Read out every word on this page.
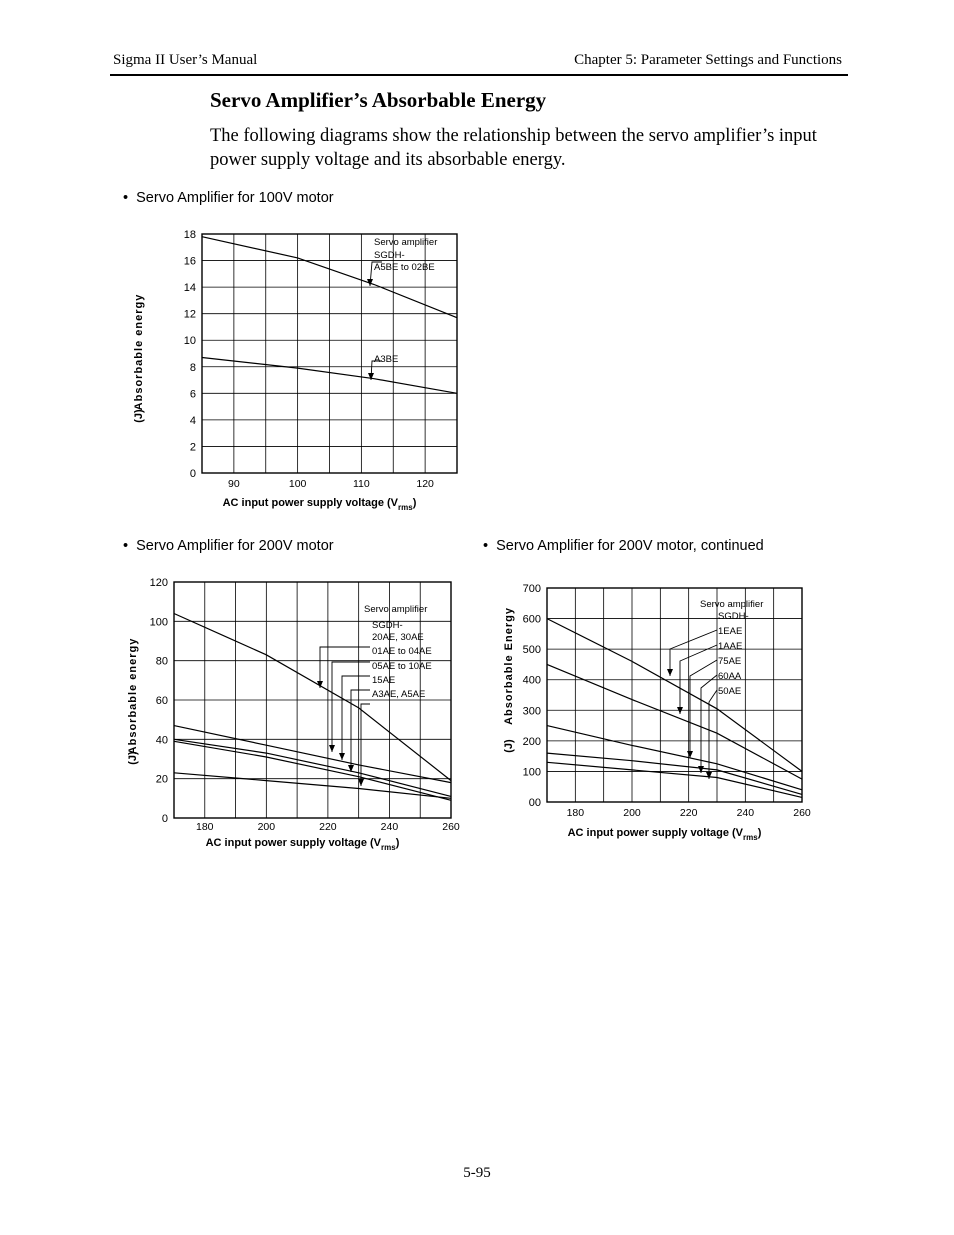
Sigma II User’s Manual	Chapter 5: Parameter Settings and Functions
Servo Amplifier’s Absorbable Energy
The following diagrams show the relationship between the servo amplifier’s input power supply voltage and its absorbable energy.
•  Servo Amplifier for 100V motor
•  Servo Amplifier for 200V motor	•  Servo Amplifier for 200V motor, continued
0
2
4
6
8
10
12
14
16
18
90	100	110	120
AC input power supply voltage $(V_{rms})$
Absorbable energy
(J)
Servo amplifier
SGDH-
A5BE to 02BE
A3BE
0
20
40
60
80
100
120
180	200	220	240	260
AC input power supply voltage $(V_{rms})$
Absorbable energy
(J)
Servo amplifier
SGDH-
20AE, 30AE
01AE to 04AE
05AE to 10AE
15AE
A3AE, A5AE
00
100
200
300
400
500
600
700
180	200	220	240	260
AC input power supply voltage $(V_{rms})$
Absorbable Energy
(J)
Servo amplifier
SGDH-
1EAE
1AAE
75AE
60AA
50AE
5-95
